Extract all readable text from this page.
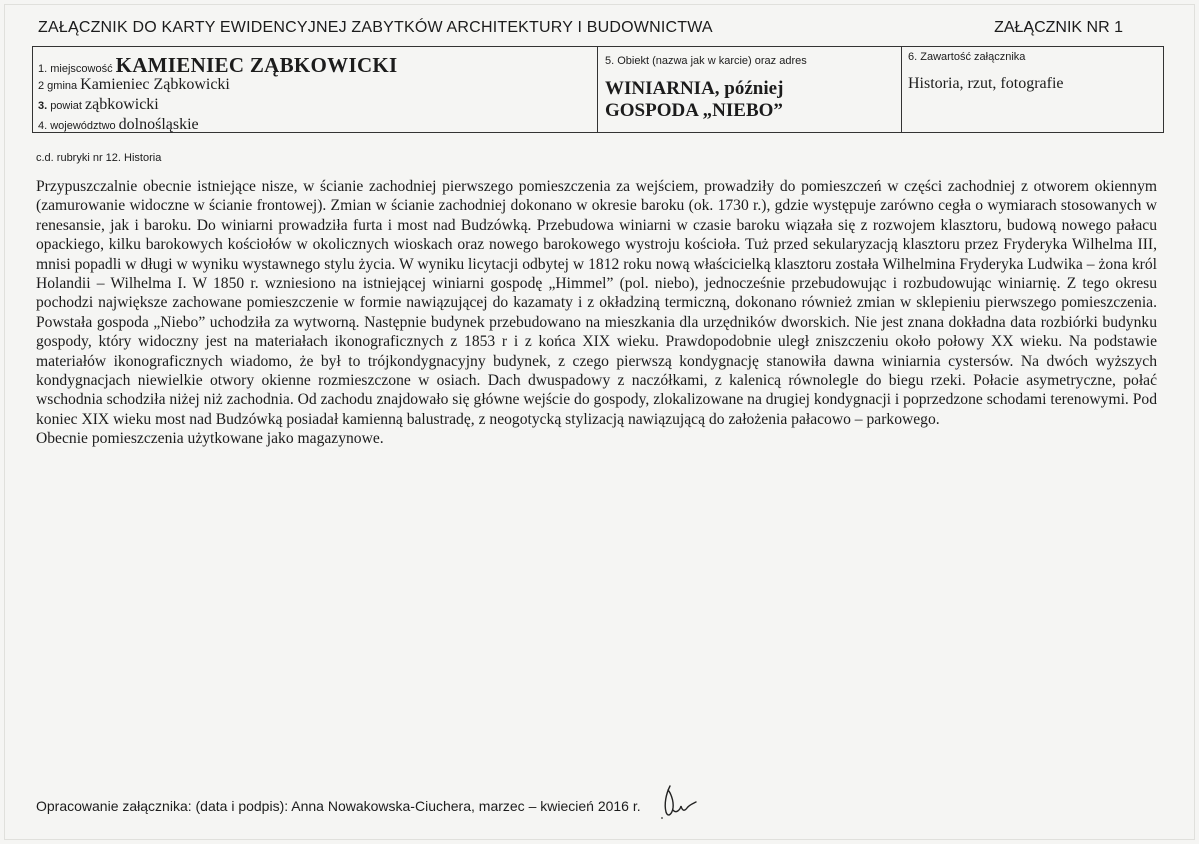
ZAŁĄCZNIK DO KARTY EWIDENCYJNEJ ZABYTKÓW ARCHITEKTURY I BUDOWNICTWA	ZAŁĄCZNIK NR 1
1. miejscowość KAMIENIEC ZĄBKOWICKI
2 gmina Kamieniec Ząbkowicki
3. powiat ząbkowicki
4. województwo dolnośląskie
5. Obiekt (nazwa jak w karcie) oraz adres
WINIARNIA, później
GOSPODA „NIEBO”
6. Zawartość załącznika
Historia, rzut, fotografie
c.d. rubryki nr 12. Historia

Przypuszczalnie obecnie istniejące nisze, w ścianie zachodniej pierwszego pomieszczenia za wejściem, prowadziły do pomieszczeń w części zachodniej z otworem okiennym (zamurowanie widoczne w ścianie frontowej). Zmian w ścianie zachodniej dokonano w okresie baroku (ok. 1730 r.), gdzie występuje zarówno cegła o wymiarach stosowanych w renesansie, jak i baroku. Do winiarni prowadziła furta i most nad Budzówką. Przebudowa winiarni w czasie baroku wiązała się z rozwojem klasztoru, budową nowego pałacu opackiego, kilku barokowych kościołów w okolicznych wioskach oraz nowego barokowego wystroju kościoła. Tuż przed sekularyzacją klasztoru przez Fryderyka Wilhelma III, mnisi popadli w długi w wyniku wystawnego stylu życia. W wyniku licytacji odbytej w 1812 roku nową właścicielką klasztoru została Wilhelmina Fryderyka Ludwika – żona król Holandii – Wilhelma I. W 1850 r. wzniesiono na istniejącej winiarni gospodę „Himmel” (pol. niebo), jednocześnie przebudowując i rozbudowując winiarnię. Z tego okresu pochodzi największe zachowane pomieszczenie w formie nawiązującej do kazamaty i z okładziną termiczną, dokonano również zmian w sklepieniu pierwszego pomieszczenia. Powstała gospoda „Niebo” uchodziła za wytworną. Następnie budynek przebudowano na mieszkania dla urzędników dworskich. Nie jest znana dokładna data rozbiórki budynku gospody, który widoczny jest na materiałach ikonograficznych z 1853 r i z końca XIX wieku. Prawdopodobnie uległ zniszczeniu około połowy XX wieku. Na podstawie materiałów ikonograficznych wiadomo, że był to trójkondygnacyjny budynek, z czego pierwszą kondygnację stanowiła dawna winiarnia cystersów. Na dwóch wyższych kondygnacjach niewielkie otwory okienne rozmieszczone w osiach. Dach dwuspadowy z naczółkami, z kalenicą równolegle do biegu rzeki. Połacie asymetryczne, połać wschodnia schodziła niżej niż zachodnia. Od zachodu znajdowało się główne wejście do gospody, zlokalizowane na drugiej kondygnacji i poprzedzone schodami terenowymi. Pod koniec XIX wieku most nad Budzówką posiadał kamienną balustradę, z neogotycką stylizacją nawiązującą do założenia pałacowo – parkowego.

Obecnie pomieszczenia użytkowane jako magazynowe.

Opracowanie załącznika: (data i podpis): Anna Nowakowska-Ciuchera, marzec – kwiecień 2016 r.
